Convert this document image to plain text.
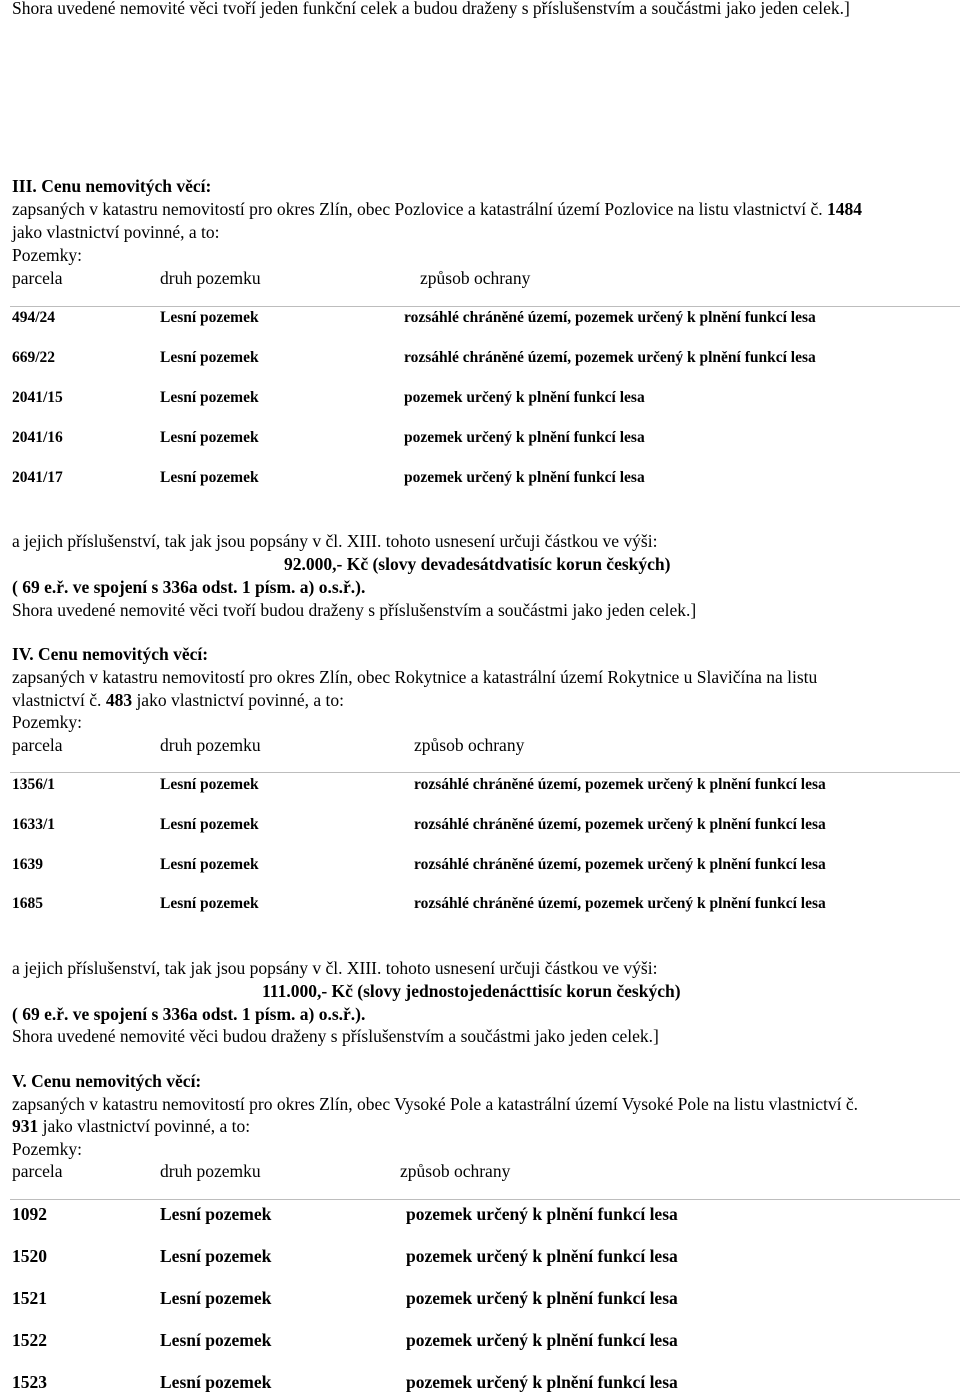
Shora uvedené nemovité věci tvoří jeden funkční celek a budou draženy s příslušenstvím a součástmi jako jeden celek.]
III. Cenu nemovitých věcí:
zapsaných v katastru nemovitostí pro okres Zlín, obec Pozlovice a katastrální území Pozlovice na listu vlastnictví č. 1484
jako vlastnictví povinné, a to:
Pozemky:
parcela	druh pozemku	způsob ochrany
494/24	Lesní pozemek	rozsáhlé chráněné území, pozemek určený k plnění funkcí lesa
669/22	Lesní pozemek	rozsáhlé chráněné území, pozemek určený k plnění funkcí lesa
2041/15	Lesní pozemek	pozemek určený k plnění funkcí lesa
2041/16	Lesní pozemek	pozemek určený k plnění funkcí lesa
2041/17	Lesní pozemek	pozemek určený k plnění funkcí lesa
a jejich příslušenství, tak jak jsou popsány v čl. XIII. tohoto usnesení určuji částkou ve výši:
92.000,- Kč (slovy devadesátdvatisíc korun českých)
( 69 e.ř. ve spojení s 336a odst. 1 písm. a) o.s.ř.).
Shora uvedené nemovité věci tvoří budou draženy s příslušenstvím a součástmi jako jeden celek.]
IV. Cenu nemovitých věcí:
zapsaných v katastru nemovitostí pro okres Zlín, obec Rokytnice a katastrální území Rokytnice u Slavičína na listu
vlastnictví č. 483 jako vlastnictví povinné, a to:
Pozemky:
parcela	druh pozemku	způsob ochrany
1356/1	Lesní pozemek	rozsáhlé chráněné území, pozemek určený k plnění funkcí lesa
1633/1	Lesní pozemek	rozsáhlé chráněné území, pozemek určený k plnění funkcí lesa
1639	Lesní pozemek	rozsáhlé chráněné území, pozemek určený k plnění funkcí lesa
1685	Lesní pozemek	rozsáhlé chráněné území, pozemek určený k plnění funkcí lesa
a jejich příslušenství, tak jak jsou popsány v čl. XIII. tohoto usnesení určuji částkou ve výši:
111.000,- Kč (slovy jednostojedenácttisíc korun českých)
( 69 e.ř. ve spojení s 336a odst. 1 písm. a) o.s.ř.).
Shora uvedené nemovité věci budou draženy s příslušenstvím a součástmi jako jeden celek.]
V. Cenu nemovitých věcí:
zapsaných v katastru nemovitostí pro okres Zlín, obec Vysoké Pole a katastrální území Vysoké Pole na listu vlastnictví č.
931 jako vlastnictví povinné, a to:
Pozemky:
parcela	druh pozemku	způsob ochrany
1092	Lesní pozemek	pozemek určený k plnění funkcí lesa
1520	Lesní pozemek	pozemek určený k plnění funkcí lesa
1521	Lesní pozemek	pozemek určený k plnění funkcí lesa
1522	Lesní pozemek	pozemek určený k plnění funkcí lesa
1523	Lesní pozemek	pozemek určený k plnění funkcí lesa
